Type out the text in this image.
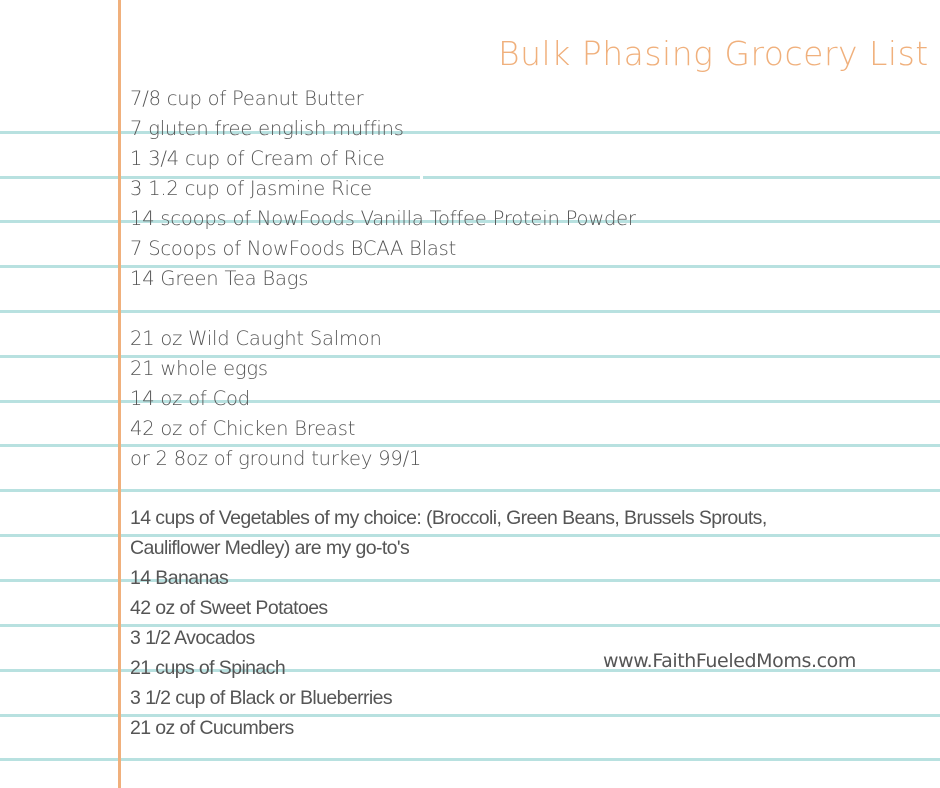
Bulk Phasing Grocery List
7/8 cup of Peanut Butter
7 gluten free english muffins
1 3/4 cup of Cream of Rice
3 1.2 cup of Jasmine Rice
14 scoops of NowFoods Vanilla Toffee Protein Powder
7 Scoops of NowFoods BCAA Blast
14 Green Tea Bags
21 oz Wild Caught Salmon
21 whole eggs
14 oz of Cod
42 oz of Chicken Breast
or 2 8oz of ground turkey 99/1
14 cups of Vegetables of my choice: (Broccoli, Green Beans, Brussels Sprouts,
Cauliflower Medley) are my go-to's
14 Bananas
42 oz of Sweet Potatoes
3 1/2 Avocados
21 cups of Spinach
3 1/2 cup of Black or Blueberries
21 oz of Cucumbers
www.FaithFueledMoms.com
